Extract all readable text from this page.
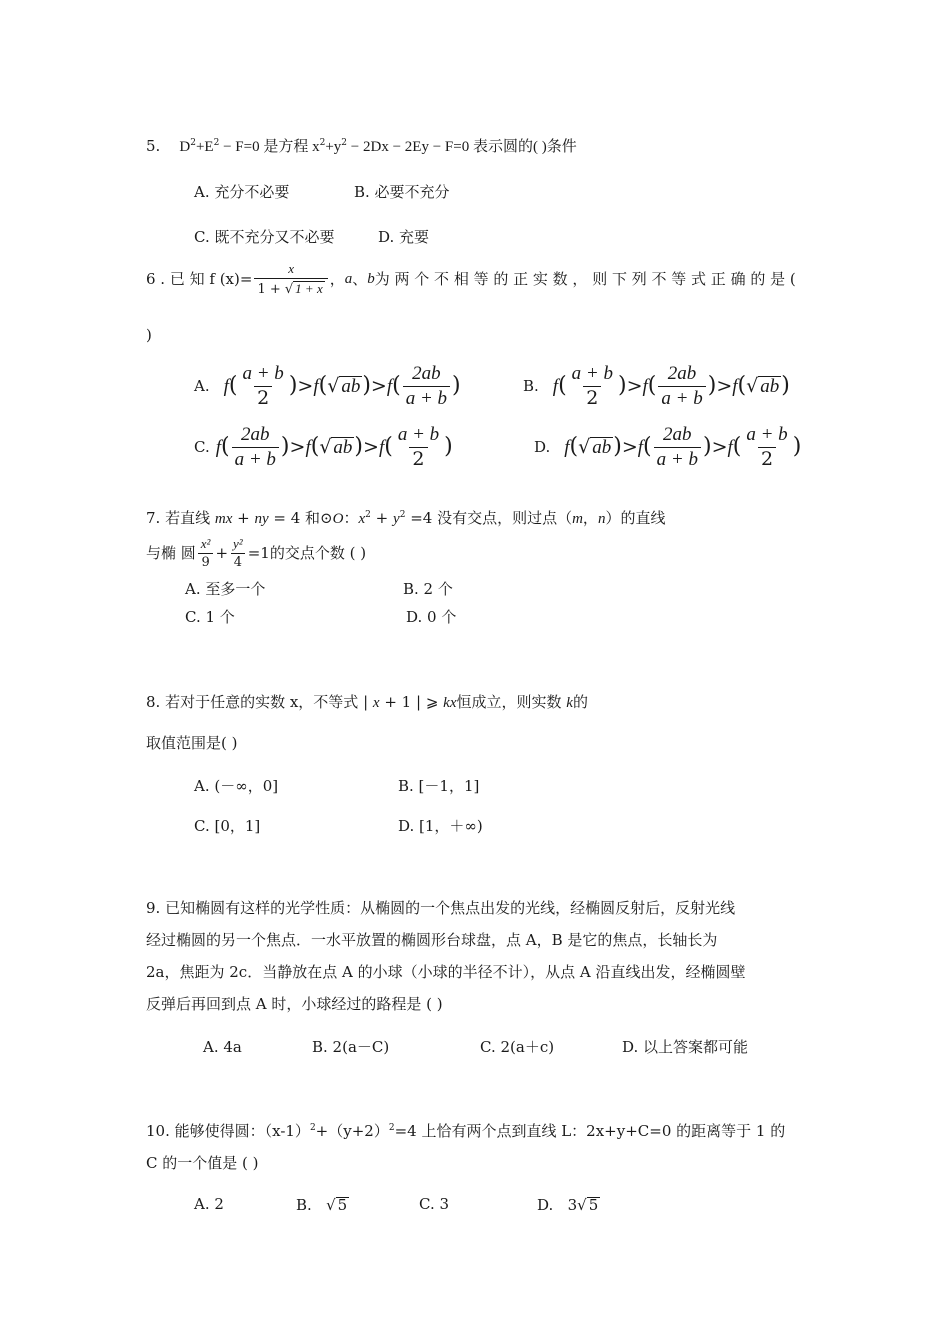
5. $D^2+E^2 - F=0$ 是方程 $x^2+y^2 - 2Dx - 2Ey - F=0$ 表示圆的( )条件
A. 充分不必要	B. 必要不充分
C. 既不充分又不必要	D. 充要
6 . 已 知 f $(x)= \frac{x}{1 + √ 1 + x}$ ， a 、 b 为 两 个 不 相 等 的 正 实 数 ， 则 下 列 不 等 式 正 确 的 是 (
)
A. f ( $\frac{a + b}{2}$ ) > f ( √ ab ) > f ( $\frac{2ab}{a + b}$ )	B. f ( $\frac{a + b}{2}$ ) > f ( $\frac{2ab}{a + b}$ ) > f ( √ ab )
C. f ( $\frac{2ab}{a + b}$ ) > f ( √ ab ) > f ( $\frac{a + b}{2}$ )	D. f ( √ ab ) > f ( $\frac{2ab}{a + b}$ ) > f ( $\frac{a + b}{2}$ )
7. 若直线 mx + ny = 4 和⊙O：$x^2 + y^2 =4$ 没有交点，则过点（m，n）的直线
与椭 圆 $\frac{\text{x²}}{9} + \frac{\text{y²}}{4} =1$ 的交点个数 ( )
A. 至多一个	B. 2 个
C. 1 个	D. 0 个
8. 若对于任意的实数 x，不等式 | x + 1 | ⩾ kx恒成立，则实数 k的
取值范围是( )
A. (－∞，0]	B. [－1，1]
C. [0，1]	D. [1，＋∞)
9. 已知椭圆有这样的光学性质：从椭圆的一个焦点出发的光线，经椭圆反射后，反射光线
经过椭圆的另一个焦点．一水平放置的椭圆形台球盘，点 A，B 是它的焦点，长轴长为
2a，焦距为 2c．当静放在点 A 的小球（小球的半径不计），从点 A 沿直线出发，经椭圆壁
反弹后再回到点 A 时，小球经过的路程是 ( )
A. 4a	B. 2(a－C)	C. 2(a＋c)	D. 以上答案都可能
10. 能够使得圆：$(x-1)^2+(y+2)^2=4$ 上恰有两个点到直线 L：2x+y+C=0 的距离等于 1 的
C 的一个值是 ( )
A. 2	B. √ 5	C. 3	D. 3√ 5
